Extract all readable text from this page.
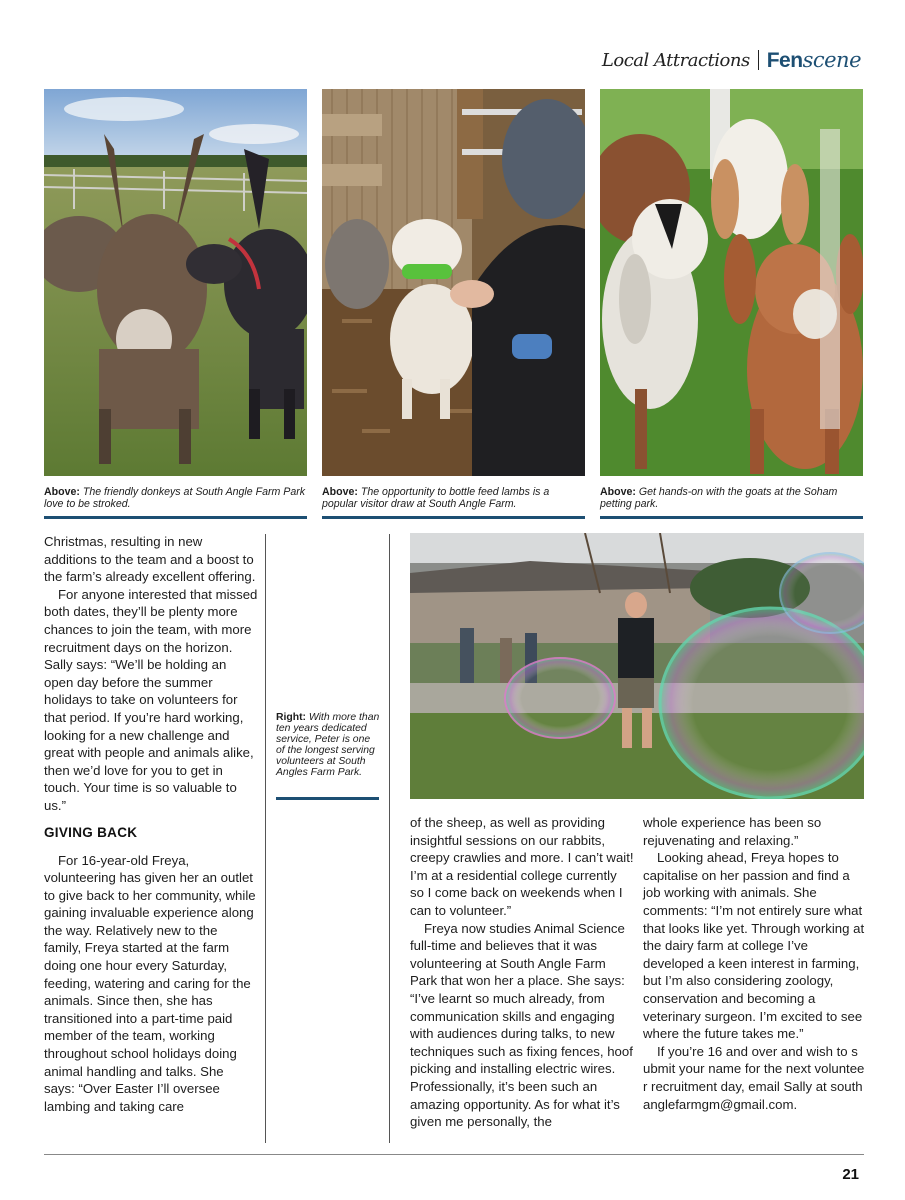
Local Attractions Fenscene
Above: The friendly donkeys at South Angle Farm Park love to be stroked.
Above: The opportunity to bottle feed lambs is a popular visitor draw at South Angle Farm.
Above: Get hands-on with the goats at the Soham petting park.
Right: With more than ten years dedicated service, Peter is one of the longest serving volunteers at South Angles Farm Park.

Christmas, resulting in new additions to the team and a boost to the farm’s already excellent offering.

For anyone interested that missed both dates, they’ll be plenty more chances to join the team, with more recruitment days on the horizon. Sally says: “We’ll be holding an open day before the summer holidays to take on volunteers for that period. If you’re hard working, looking for a new challenge and great with people and animals alike, then we’d love for you to get in touch. Your time is so valuable to us.”

GIVING BACK

For 16-year-old Freya, volunteering has given her an outlet to give back to her community, while gaining invaluable experience along the way. Relatively new to the family, Freya started at the farm doing one hour every Saturday, feeding, watering and caring for the animals. Since then, she has transitioned into a part-time paid member of the team, working throughout school holidays doing animal handling and talks. She says: “Over Easter I’ll oversee lambing and taking care

of the sheep, as well as providing insightful sessions on our rabbits, creepy crawlies and more. I can’t wait! I’m at a residential college currently so I come back on weekends when I can to volunteer.”

Freya now studies Animal Science full-time and believes that it was volunteering at South Angle Farm Park that won her a place. She says: “I’ve learnt so much already, from communication skills and engaging with audiences during talks, to new techniques such as fixing fences, hoof picking and installing electric wires. Professionally, it’s been such an amazing opportunity. As for what it’s given me personally, the

whole experience has been so rejuvenating and relaxing.”

Looking ahead, Freya hopes to capitalise on her passion and find a job working with animals. She comments: “I’m not entirely sure what that looks like yet. Through working at the dairy farm at college I’ve developed a keen interest in farming, but I’m also considering zoology, conservation and becoming a veterinary surgeon. I’m excited to see where the future takes me.”

If you’re 16 and over and wish to submit your name for the next volunteer recruitment day, email Sally at southanglefarmgm@gmail.com.

21
